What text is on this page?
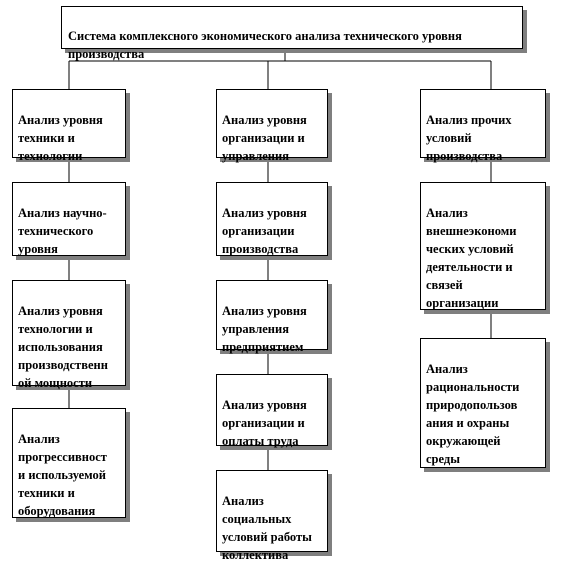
Система комплексного экономического анализа технического уровня производства

Анализ уровня
техники и
технологии

Анализ научно-
технического
уровня

Анализ уровня
технологии и
использования
производственн
ой мощности

Анализ
прогрессивност
и используемой
техники и
оборудования

Анализ уровня
организации и
управления

Анализ уровня
организации
производства

Анализ уровня
управления
предприятием

Анализ уровня
организации и
оплаты труда

Анализ
социальных
условий работы
коллектива

Анализ прочих
условий
производства

Анализ
внешнеэкономи
ческих условий
деятельности и
связей
организации

Анализ
рациональности
природопользов
ания и охраны
окружающей
среды
